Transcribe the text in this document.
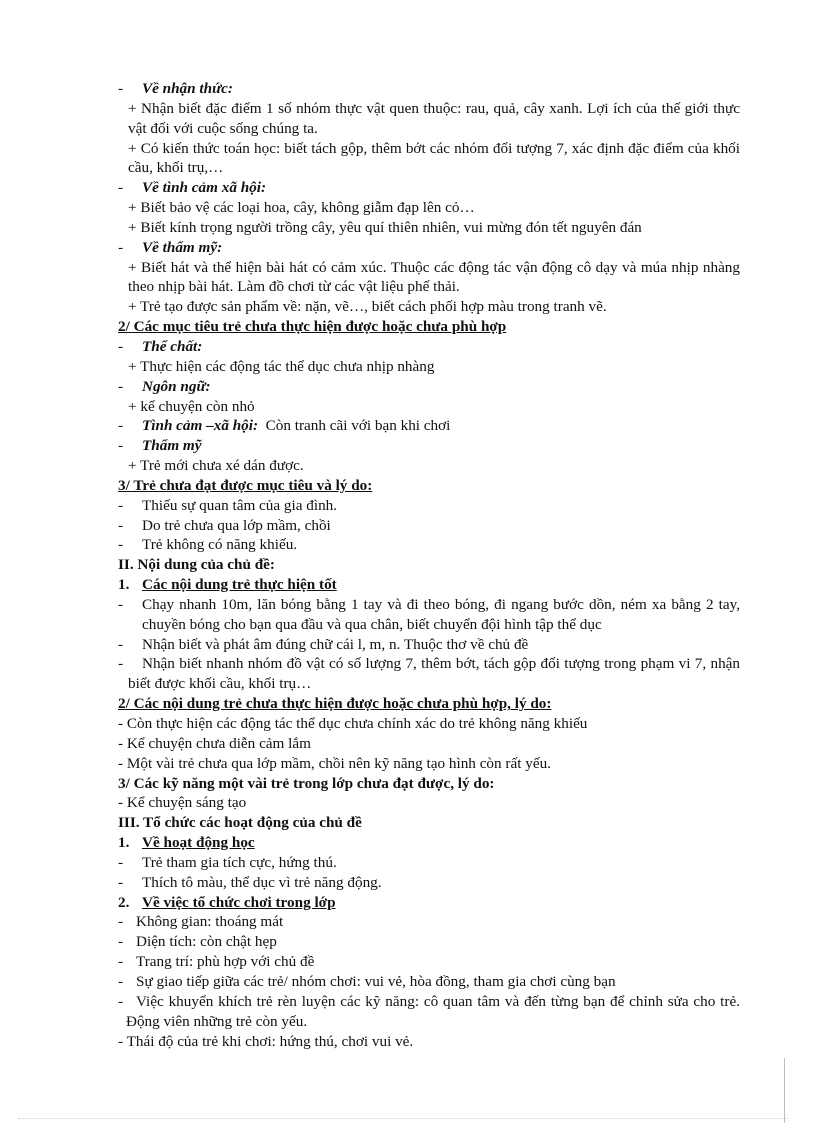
- Về nhận thức:
+ Nhận biết đặc điểm 1 số nhóm thực vật quen thuộc: rau, quả, cây xanh. Lợi ích của thế giới thực vật đối với cuộc sống chúng ta.
+ Có kiến thức toán học: biết tách gộp, thêm bớt các nhóm đối tượng 7, xác định đặc điểm của khối cầu, khối trụ,…
- Về tình cảm xã hội:
+ Biết bảo vệ các loại hoa, cây, không giẫm đạp lên cỏ…
+ Biết kính trọng người trồng cây, yêu quí thiên nhiên, vui mừng đón tết nguyên đán
- Về thẩm mỹ:
+ Biết hát và thể hiện bài hát có cảm xúc. Thuộc các động tác vận động cô dạy và múa nhịp nhàng theo nhịp bài hát. Làm đồ chơi từ các vật liệu phế thải.
+ Trẻ tạo được sản phẩm về: nặn, vẽ…, biết cách phối hợp màu trong tranh vẽ.
2/ Các mục tiêu trẻ chưa thực hiện được hoặc chưa phù hợp
- Thể chất:
+ Thực hiện các động tác thể dục chưa nhịp nhàng
- Ngôn ngữ:
+ kể chuyện còn nhỏ
- Tình cảm –xã hội: Còn tranh cãi với bạn khi chơi
- Thẩm mỹ
+ Trẻ mới chưa xé dán được.
3/ Trẻ chưa đạt được mục tiêu và lý do:
- Thiếu sự quan tâm của gia đình.
- Do trẻ chưa qua lớp mầm, chồi
- Trẻ không có năng khiếu.
II. Nội dung của chủ đề:
1. Các nội dung trẻ thực hiện tốt
- Chạy nhanh 10m, lăn bóng bằng 1 tay và đi theo bóng, đi ngang bước dồn, ném xa bằng 2 tay, chuyền bóng cho bạn qua đầu và qua chân, biết chuyển đội hình tập thể dục
- Nhận biết và phát âm đúng chữ cái l, m, n. Thuộc thơ về chủ đề
- Nhận biết nhanh nhóm đồ vật có số lượng 7, thêm bớt, tách gộp đối tượng trong phạm vi 7, nhận biết được khối cầu, khối trụ…
2/ Các nội dung trẻ chưa thực hiện được hoặc chưa phù hợp, lý do:
- Còn thực hiện các động tác thể dục chưa chính xác do trẻ không năng khiếu
- Kể chuyện chưa diễn cảm lắm
- Một vài trẻ chưa qua lớp mầm, chồi nên kỹ năng tạo hình còn rất yếu.
3/ Các kỹ năng một vài trẻ trong lớp chưa đạt được, lý do:
- Kể chuyện sáng tạo
III. Tổ chức các hoạt động của chủ đề
1. Về hoạt động học
- Trẻ tham gia tích cực, hứng thú.
- Thích tô màu, thể dục vì trẻ năng động.
2. Về việc tổ chức chơi trong lớp
- Không gian: thoáng mát
- Diện tích: còn chật hẹp
- Trang trí: phù hợp với chủ đề
- Sự giao tiếp giữa các trẻ/ nhóm chơi: vui vẻ, hòa đồng, tham gia chơi cùng bạn
- Việc khuyến khích trẻ rèn luyện các kỹ năng: cô quan tâm và đến từng bạn để chỉnh sửa cho trẻ. Động viên những trẻ còn yếu.
- Thái độ của trẻ khi chơi: hứng thú, chơi vui vẻ.
